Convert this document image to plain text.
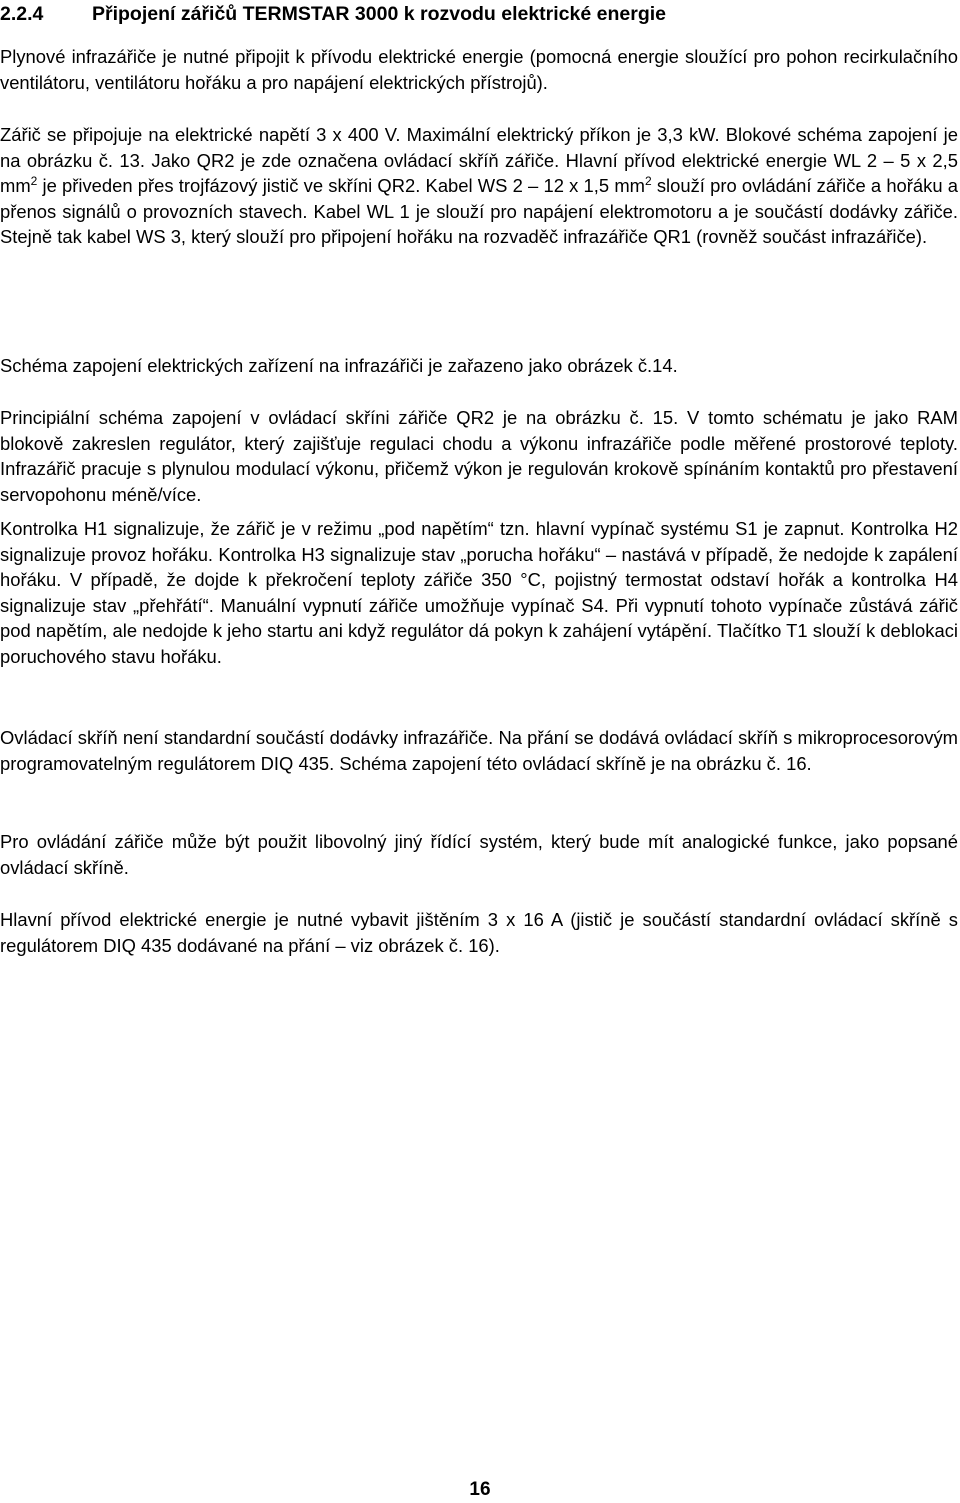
2.2.4 Připojení zářičů TERMSTAR 3000 k rozvodu elektrické energie

Plynové infrazářiče je nutné připojit k přívodu elektrické energie (pomocná energie sloužící pro pohon recirkulačního ventilátoru, ventilátoru hořáku a pro napájení elektrických přístrojů).

Zářič se připojuje na elektrické napětí 3 x 400 V. Maximální elektrický příkon je 3,3 kW. Blokové schéma zapojení je na obrázku č. 13. Jako QR2 je zde označena ovládací skříň zářiče. Hlavní přívod elektrické energie WL 2 – 5 x 2,5 $mm^2$ je přiveden přes trojfázový jistič ve skříni QR2. Kabel WS 2 – 12 x 1,5 $mm^2$ slouží pro ovládání zářiče a hořáku a přenos signálů o provozních stavech. Kabel WL 1 je slouží pro napájení elektromotoru a je součástí dodávky zářiče. Stejně tak kabel WS 3, který slouží pro připojení hořáku na rozvaděč infrazářiče QR1 (rovněž součást infrazářiče).

Schéma zapojení elektrických zařízení na infrazářiči je zařazeno jako obrázek č.14.

Principiální schéma zapojení v ovládací skříni zářiče QR2 je na obrázku č. 15. V tomto schématu je jako RAM blokově zakreslen regulátor, který zajišťuje regulaci chodu a výkonu infrazářiče podle měřené prostorové teploty. Infrazářič pracuje s plynulou modulací výkonu, přičemž výkon je regulován krokově spínáním kontaktů pro přestavení servopohonu méně/více.

Kontrolka H1 signalizuje, že zářič je v režimu „pod napětím“ tzn. hlavní vypínač systému S1 je zapnut. Kontrolka H2 signalizuje provoz hořáku. Kontrolka H3 signalizuje stav „porucha hořáku“ – nastává v případě, že nedojde k zapálení hořáku. V případě, že dojde k překročení teploty zářiče 350 °C, pojistný termostat odstaví hořák a kontrolka H4 signalizuje stav „přehřátí“. Manuální vypnutí zářiče umožňuje vypínač S4. Při vypnutí tohoto vypínače zůstává zářič pod napětím, ale nedojde k jeho startu ani když regulátor dá pokyn k zahájení vytápění. Tlačítko T1 slouží k deblokaci poruchového stavu hořáku.

Ovládací skříň není standardní součástí dodávky infrazářiče. Na přání se dodává ovládací skříň s mikroprocesorovým programovatelným regulátorem DIQ 435. Schéma zapojení této ovládací skříně je na obrázku č. 16.

Pro ovládání zářiče může být použit libovolný jiný řídící systém, který bude mít analogické funkce, jako popsané ovládací skříně.

Hlavní přívod elektrické energie je nutné vybavit jištěním 3 x 16 A (jistič je součástí standardní ovládací skříně s regulátorem DIQ 435 dodávané na přání – viz obrázek č. 16).

16
